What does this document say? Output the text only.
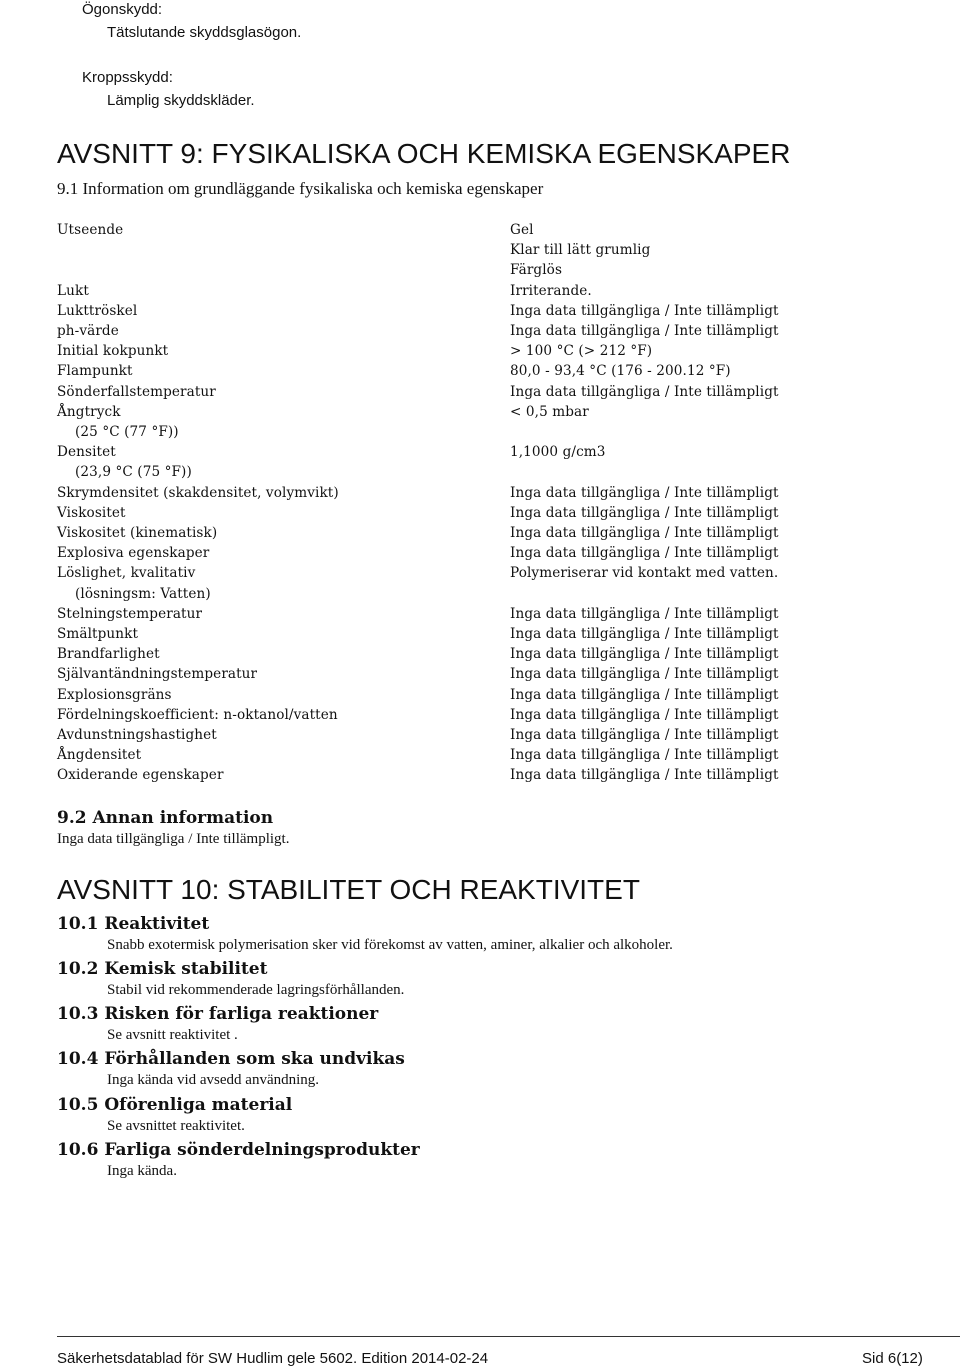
Ögonskydd:
Tätslutande skyddsglasögon.
Kroppsskydd:
Lämplig skyddskläder.
AVSNITT 9: FYSIKALISKA OCH KEMISKA EGENSKAPER
9.1 Information om grundläggande fysikaliska och kemiska egenskaper
Utseende	Gel
Klar till lätt grumlig
Färglös
Lukt	Irriterande.
Lukttröskel	Inga data tillgängliga / Inte tillämpligt
ph-värde	Inga data tillgängliga / Inte tillämpligt
Initial kokpunkt	> 100 °C (> 212 °F)
Flampunkt	80,0 - 93,4 °C (176 - 200.12 °F)
Sönderfallstemperatur	Inga data tillgängliga / Inte tillämpligt
Ångtryck	< 0,5 mbar
(25 °C (77 °F))
Densitet	1,1000 g/cm3
(23,9 °C (75 °F))
Skrymdensitet (skakdensitet, volymvikt)	Inga data tillgängliga / Inte tillämpligt
Viskositet	Inga data tillgängliga / Inte tillämpligt
Viskositet (kinematisk)	Inga data tillgängliga / Inte tillämpligt
Explosiva egenskaper	Inga data tillgängliga / Inte tillämpligt
Löslighet, kvalitativ	Polymeriserar vid kontakt med vatten.
(lösningsm: Vatten)
Stelningstemperatur	Inga data tillgängliga / Inte tillämpligt
Smältpunkt	Inga data tillgängliga / Inte tillämpligt
Brandfarlighet	Inga data tillgängliga / Inte tillämpligt
Självantändningstemperatur	Inga data tillgängliga / Inte tillämpligt
Explosionsgräns	Inga data tillgängliga / Inte tillämpligt
Fördelningskoefficient: n-oktanol/vatten	Inga data tillgängliga / Inte tillämpligt
Avdunstningshastighet	Inga data tillgängliga / Inte tillämpligt
Ångdensitet	Inga data tillgängliga / Inte tillämpligt
Oxiderande egenskaper	Inga data tillgängliga / Inte tillämpligt
9.2 Annan information
Inga data tillgängliga / Inte tillämpligt.
AVSNITT 10: STABILITET OCH REAKTIVITET
10.1 Reaktivitet
Snabb exotermisk polymerisation sker vid förekomst av vatten, aminer, alkalier och alkoholer.
10.2 Kemisk stabilitet
Stabil vid rekommenderade lagringsförhållanden.
10.3 Risken för farliga reaktioner
Se avsnitt reaktivitet .
10.4 Förhållanden som ska undvikas
Inga kända vid avsedd användning.
10.5 Oförenliga material
Se avsnittet reaktivitet.
10.6 Farliga sönderdelningsprodukter
Inga kända.
Säkerhetsdatablad för SW Hudlim gele 5602. Edition 2014-02-24	Sid 6(12)
